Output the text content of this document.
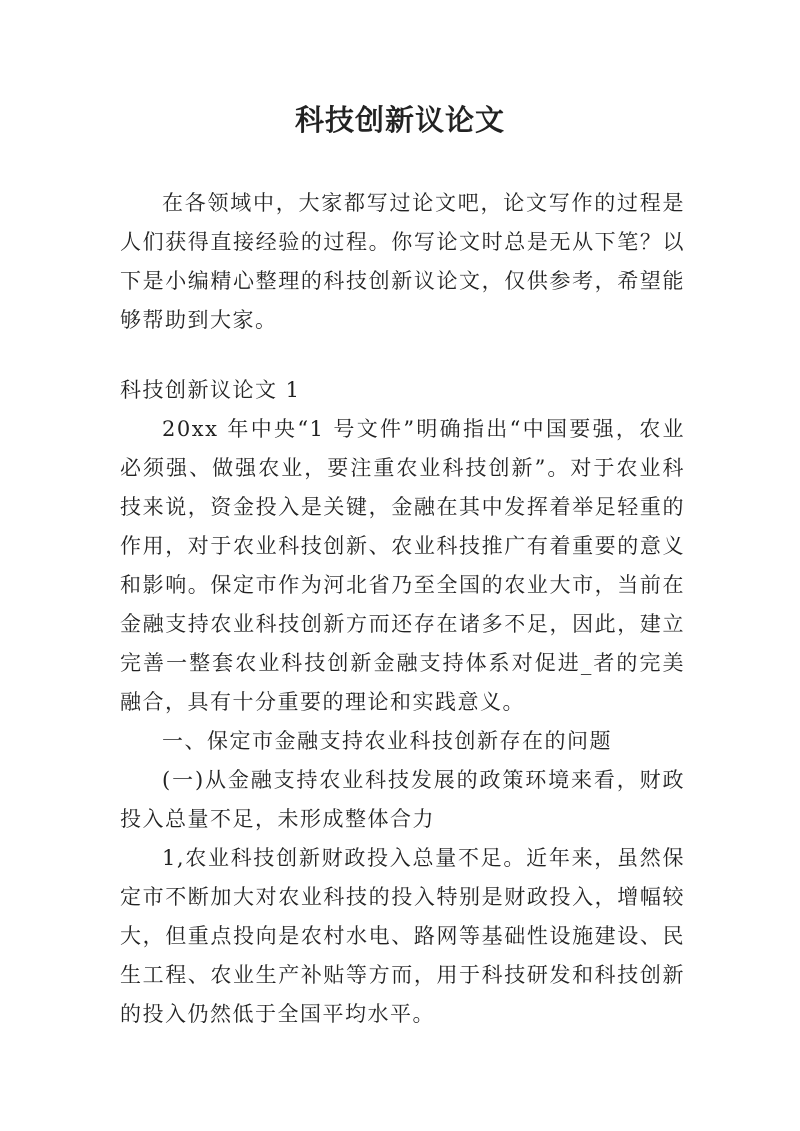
科技创新议论文

在各领域中，大家都写过论文吧，论文写作的过程是人们获得直接经验的过程。你写论文时总是无从下笔？以下是小编精心整理的科技创新议论文，仅供参考，希望能够帮助到大家。

科技创新议论文 1

20xx 年中央“1 号文件”明确指出“中国要强，农业必须强、做强农业，要注重农业科技创新”。对于农业科技来说，资金投入是关键，金融在其中发挥着举足轻重的作用，对于农业科技创新、农业科技推广有着重要的意义和影响。保定市作为河北省乃至全国的农业大市，当前在金融支持农业科技创新方而还存在诸多不足，因此，建立完善一整套农业科技创新金融支持体系对促进_者的完美融合，具有十分重要的理论和实践意义。

一、保定市金融支持农业科技创新存在的问题

(一)从金融支持农业科技发展的政策环境来看，财政投入总量不足，未形成整体合力

1,农业科技创新财政投入总量不足。近年来，虽然保定市不断加大对农业科技的投入特别是财政投入，增幅较大，但重点投向是农村水电、路网等基础性设施建设、民生工程、农业生产补贴等方而，用于科技研发和科技创新的投入仍然低于全国平均水平。
